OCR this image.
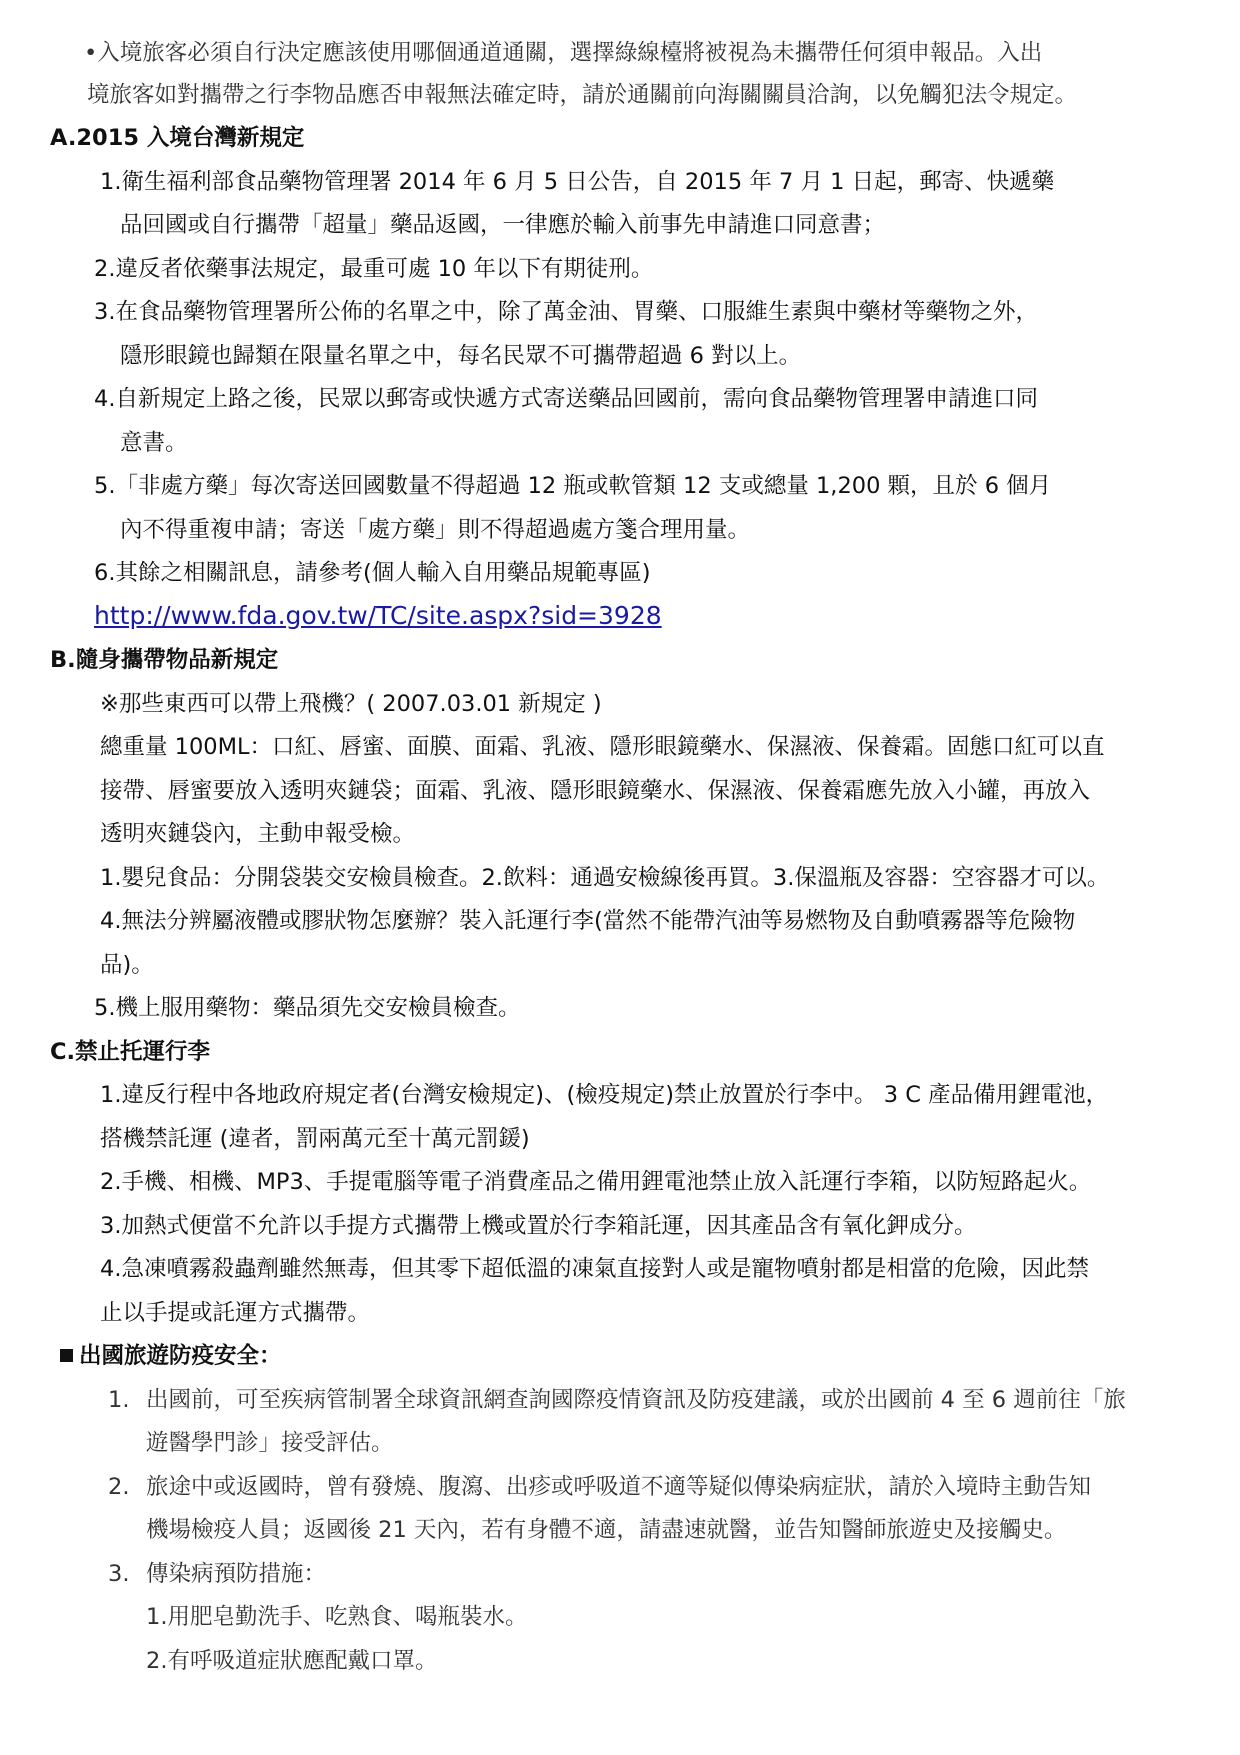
•入境旅客必須自行決定應該使用哪個通道通關，選擇綠線檯將被視為未攜帶任何須申報品。入出
境旅客如對攜帶之行李物品應否申報無法確定時，請於通關前向海關關員洽詢，以免觸犯法令規定。
A.2015 入境台灣新規定
1.衛生福利部食品藥物管理署 2014 年 6 月 5 日公告，自 2015 年 7 月 1 日起，郵寄、快遞藥
品回國或自行攜帶「超量」藥品返國，一律應於輸入前事先申請進口同意書；
2.違反者依藥事法規定，最重可處 10 年以下有期徒刑。
3.在食品藥物管理署所公佈的名單之中，除了萬金油、胃藥、口服維生素與中藥材等藥物之外，
隱形眼鏡也歸類在限量名單之中，每名民眾不可攜帶超過 6 對以上。
4.自新規定上路之後，民眾以郵寄或快遞方式寄送藥品回國前，需向食品藥物管理署申請進口同
意書。
5.「非處方藥」每次寄送回國數量不得超過 12 瓶或軟管類 12 支或總量 1,200 顆，且於 6 個月
內不得重複申請；寄送「處方藥」則不得超過處方箋合理用量。
6.其餘之相關訊息，請參考(個人輸入自用藥品規範專區)
http://www.fda.gov.tw/TC/site.aspx?sid=3928
B.隨身攜帶物品新規定
※那些東西可以帶上飛機？( 2007.03.01 新規定 )
總重量 100ML：口紅、唇蜜、面膜、面霜、乳液、隱形眼鏡藥水、保濕液、保養霜。固態口紅可以直
接帶、唇蜜要放入透明夾鏈袋；面霜、乳液、隱形眼鏡藥水、保濕液、保養霜應先放入小罐，再放入
透明夾鏈袋內，主動申報受檢。
1.嬰兒食品：分開袋裝交安檢員檢查。2.飲料：通過安檢線後再買。3.保溫瓶及容器：空容器才可以。
4.無法分辨屬液體或膠狀物怎麼辦？裝入託運行李(當然不能帶汽油等易燃物及自動噴霧器等危險物
品)。
5.機上服用藥物：藥品須先交安檢員檢查。
C.禁止托運行李
1.違反行程中各地政府規定者(台灣安檢規定)、(檢疫規定)禁止放置於行李中。 3 C 產品備用鋰電池，
搭機禁託運 (違者，罰兩萬元至十萬元罰鍰)
2.手機、相機、MP3、手提電腦等電子消費產品之備用鋰電池禁止放入託運行李箱，以防短路起火。
3.加熱式便當不允許以手提方式攜帶上機或置於行李箱託運，因其產品含有氧化鉀成分。
4.急凍噴霧殺蟲劑雖然無毒，但其零下超低溫的凍氣直接對人或是寵物噴射都是相當的危險，因此禁
止以手提或託運方式攜帶。
出國旅遊防疫安全：
1. 出國前，可至疾病管制署全球資訊網查詢國際疫情資訊及防疫建議，或於出國前 4 至 6 週前往「旅
遊醫學門診」接受評估。
2. 旅途中或返國時，曾有發燒、腹瀉、出疹或呼吸道不適等疑似傳染病症狀，請於入境時主動告知
機場檢疫人員；返國後 21 天內，若有身體不適，請盡速就醫，並告知醫師旅遊史及接觸史。
3. 傳染病預防措施：
1.用肥皂勤洗手、吃熟食、喝瓶裝水。
2.有呼吸道症狀應配戴口罩。
